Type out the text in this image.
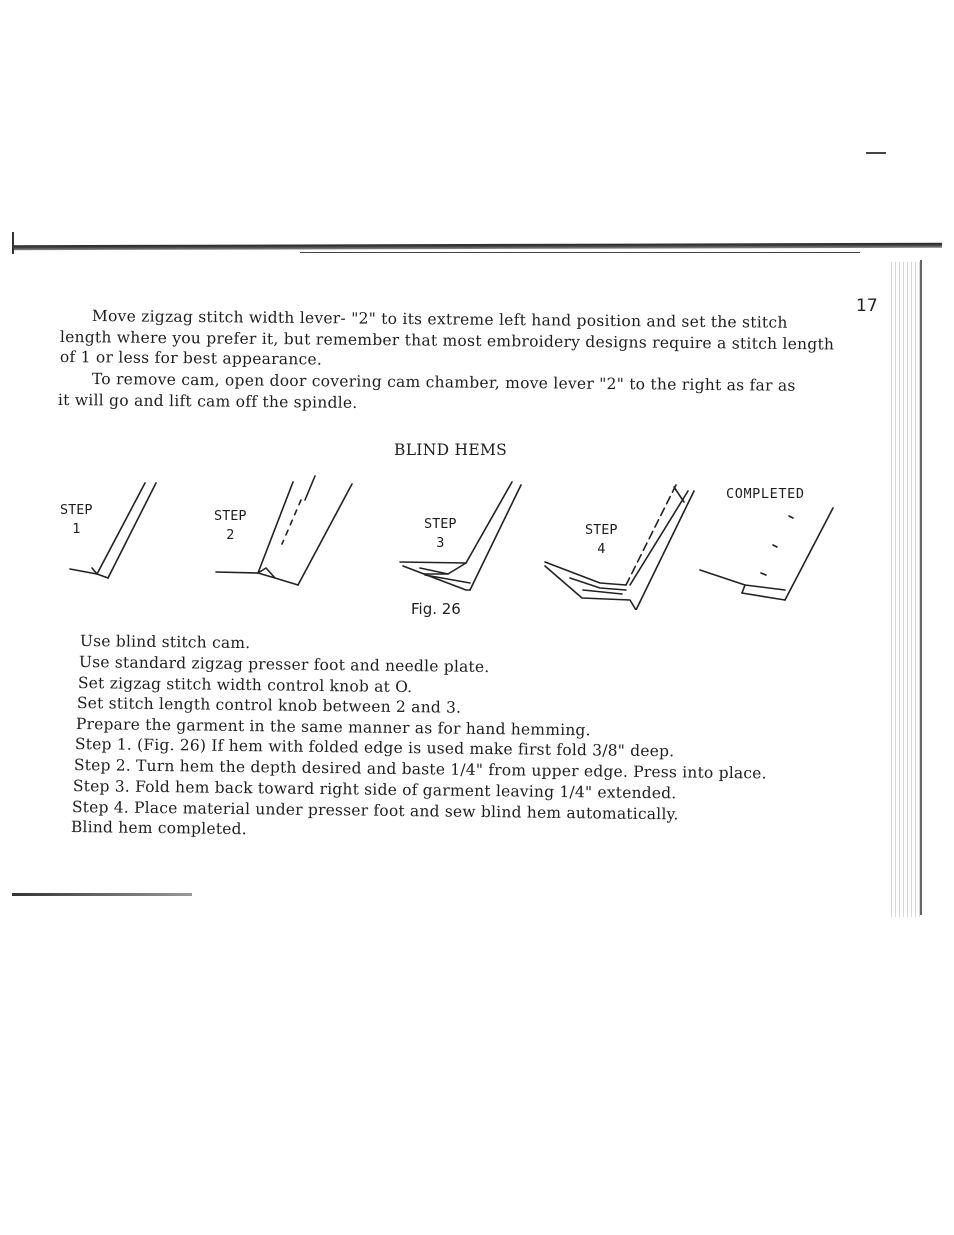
17
Move zigzag stitch width lever- "2" to its extreme left hand position and set the stitch
length where you prefer it, but remember that most embroidery designs require a stitch length
of 1 or less for best appearance.
To remove cam, open door covering cam chamber, move lever "2" to the right as far as
it will go and lift cam off the spindle.
BLIND HEMS
STEP
1
STEP
2
STEP
3
STEP
4
COMPLETED
Fig. 26
Use blind stitch cam.
Use standard zigzag presser foot and needle plate.
Set zigzag stitch width control knob at O.
Set stitch length control knob between 2 and 3.
Prepare the garment in the same manner as for hand hemming.
Step 1. (Fig. 26) If hem with folded edge is used make first fold 3/8" deep.
Step 2. Turn hem the depth desired and baste 1/4" from upper edge. Press into place.
Step 3. Fold hem back toward right side of garment leaving 1/4" extended.
Step 4. Place material under presser foot and sew blind hem automatically.
Blind hem completed.
